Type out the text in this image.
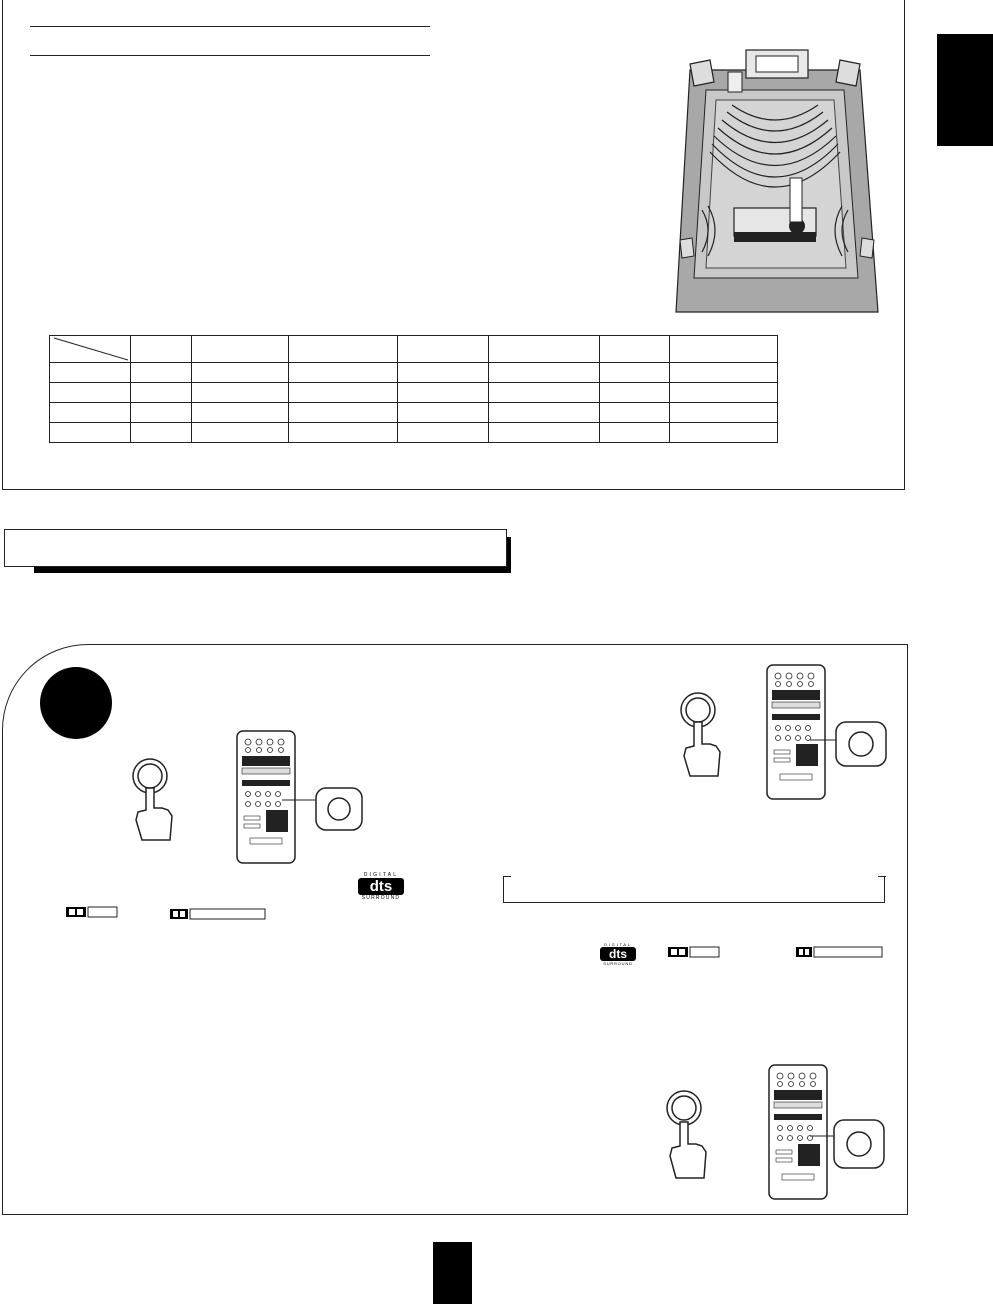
DIGITAL
dts
SURROUND
DIGITAL
dts
SURROUND
